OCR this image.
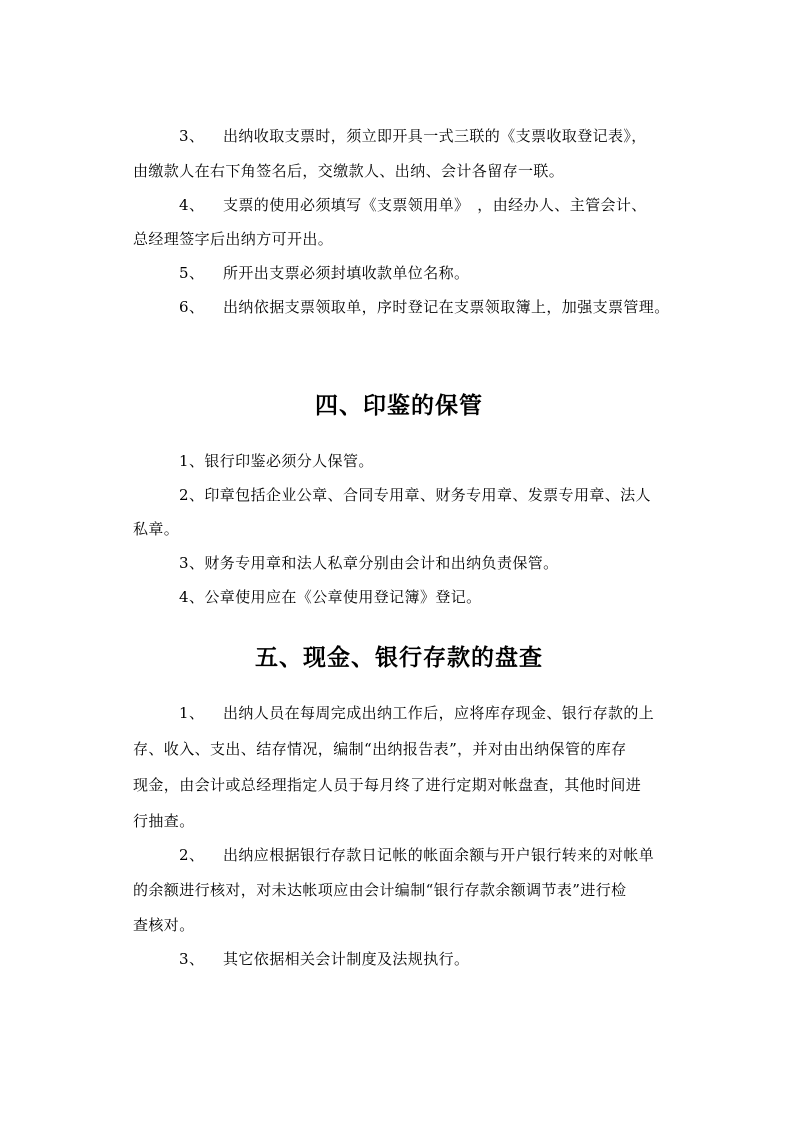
3、 出纳收取支票时，须立即开具一式三联的《支票收取登记表》，
由缴款人在右下角签名后，交缴款人、出纳、会计各留存一联。
4、 支票的使用必须填写《支票领用单》　，由经办人、主管会计、
总经理签字后出纳方可开出。
5、 所开出支票必须封填收款单位名称。
6、 出纳依据支票领取单，序时登记在支票领取簿上，加强支票管理。
四、印鉴的保管
1、银行印鉴必须分人保管。
2、印章包括企业公章、合同专用章、财务专用章、发票专用章、法人
私章。
3、财务专用章和法人私章分别由会计和出纳负责保管。
4、公章使用应在《公章使用登记簿》登记。
五、现金、银行存款的盘查
1、 出纳人员在每周完成出纳工作后，应将库存现金、银行存款的上
存、收入、支出、结存情况，编制“出纳报告表”，并对由出纳保管的库存
现金，由会计或总经理指定人员于每月终了进行定期对帐盘查，其他时间进
行抽查。
2、 出纳应根据银行存款日记帐的帐面余额与开户银行转来的对帐单
的余额进行核对，对未达帐项应由会计编制“银行存款余额调节表”进行检
查核对。
3、 其它依据相关会计制度及法规执行。
